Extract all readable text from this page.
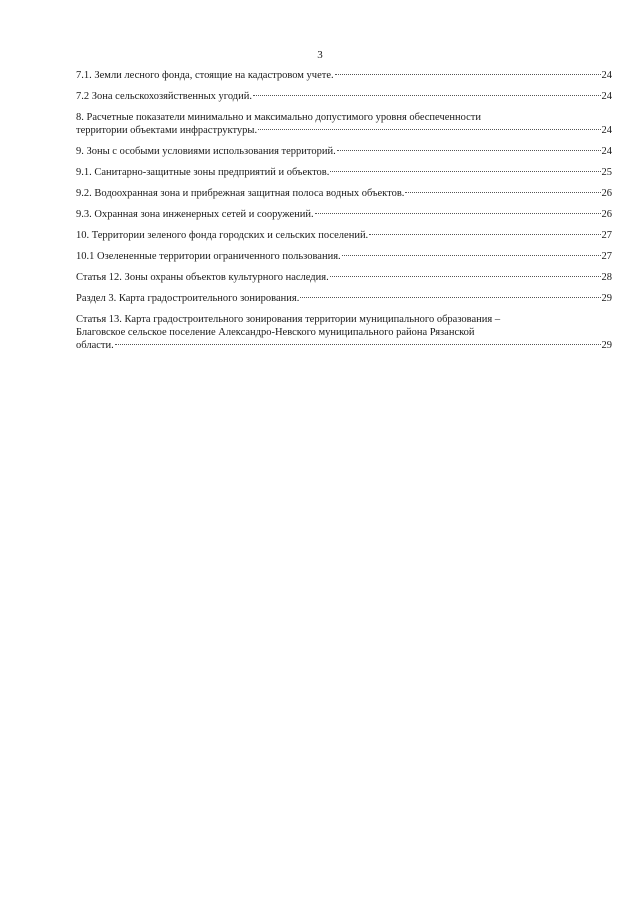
3
7.1. Земли лесного фонда, стоящие на кадастровом учете.	24
7.2 Зона сельскохозяйственных угодий.	24
8. Расчетные показатели минимально и максимально допустимого уровня обеспеченности
территории объектами инфраструктуры.	24
9. Зоны с особыми условиями использования территорий.	24
9.1. Санитарно-защитные зоны предприятий и объектов.	25
9.2. Водоохранная зона и прибрежная защитная полоса водных объектов.	26
9.3. Охранная зона инженерных сетей и сооружений.	26
10. Территории зеленого фонда городских и сельских поселений.	27
10.1 Озелененные территории ограниченного пользования.	27
Статья 12. Зоны охраны объектов культурного наследия.	28
Раздел 3. Карта градостроительного зонирования.	29
Статья 13. Карта градостроительного зонирования территории муниципального образования –
Благовское сельское поселение Александро-Невского муниципального района Рязанской
области.	29
